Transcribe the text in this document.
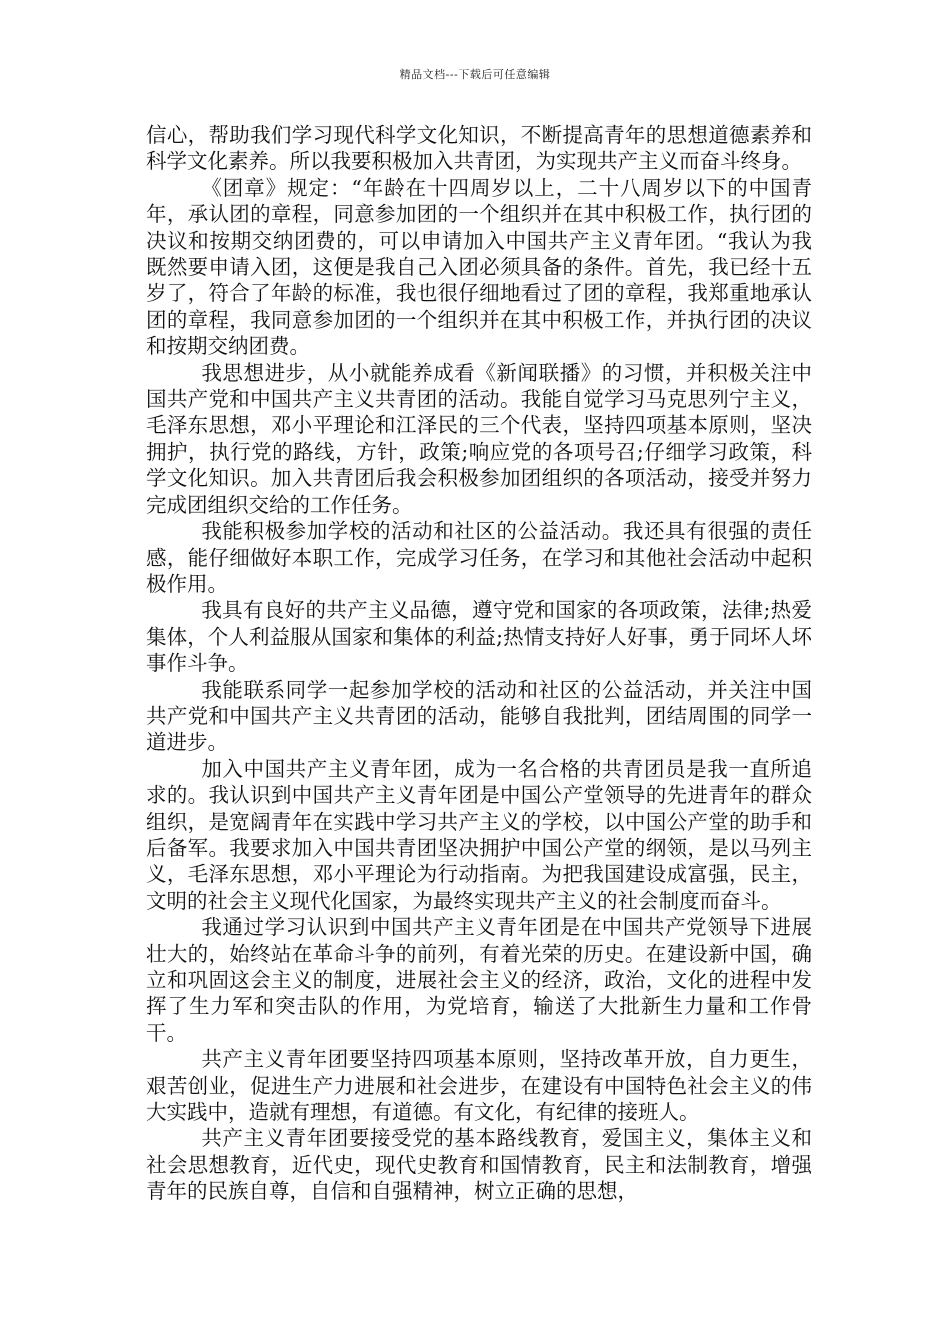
精品文档---下载后可任意编辑

信心，帮助我们学习现代科学文化知识，不断提高青年的思想道德素养和科学文化素养。所以我要积极加入共青团，为实现共产主义而奋斗终身。

《团章》规定：“年龄在十四周岁以上，二十八周岁以下的中国青年，承认团的章程，同意参加团的一个组织并在其中积极工作，执行团的决议和按期交纳团费的，可以申请加入中国共产主义青年团。“我认为我既然要申请入团，这便是我自己入团必须具备的条件。首先，我已经十五岁了，符合了年龄的标准，我也很仔细地看过了团的章程，我郑重地承认团的章程，我同意参加团的一个组织并在其中积极工作，并执行团的决议和按期交纳团费。

我思想进步，从小就能养成看《新闻联播》的习惯，并积极关注中国共产党和中国共产主义共青团的活动。我能自觉学习马克思列宁主义，毛泽东思想，邓小平理论和江泽民的三个代表，坚持四项基本原则，坚决拥护，执行党的路线，方针，政策;响应党的各项号召;仔细学习政策，科学文化知识。加入共青团后我会积极参加团组织的各项活动，接受并努力完成团组织交给的工作任务。

我能积极参加学校的活动和社区的公益活动。我还具有很强的责任感，能仔细做好本职工作，完成学习任务，在学习和其他社会活动中起积极作用。

我具有良好的共产主义品德，遵守党和国家的各项政策，法律;热爱集体，个人利益服从国家和集体的利益;热情支持好人好事，勇于同坏人坏事作斗争。

我能联系同学一起参加学校的活动和社区的公益活动，并关注中国共产党和中国共产主义共青团的活动，能够自我批判，团结周围的同学一道进步。

加入中国共产主义青年团，成为一名合格的共青团员是我一直所追求的。我认识到中国共产主义青年团是中国公产堂领导的先进青年的群众组织，是宽阔青年在实践中学习共产主义的学校，以中国公产堂的助手和后备军。我要求加入中国共青团坚决拥护中国公产堂的纲领，是以马列主义，毛泽东思想，邓小平理论为行动指南。为把我国建设成富强，民主，文明的社会主义现代化国家，为最终实现共产主义的社会制度而奋斗。

我通过学习认识到中国共产主义青年团是在中国共产党领导下进展壮大的，始终站在革命斗争的前列，有着光荣的历史。在建设新中国，确立和巩固这会主义的制度，进展社会主义的经济，政治，文化的进程中发挥了生力军和突击队的作用，为党培育，输送了大批新生力量和工作骨干。

共产主义青年团要坚持四项基本原则，坚持改革开放，自力更生，艰苦创业，促进生产力进展和社会进步，在建设有中国特色社会主义的伟大实践中，造就有理想，有道德。有文化，有纪律的接班人。

共产主义青年团要接受党的基本路线教育，爱国主义，集体主义和社会思想教育，近代史，现代史教育和国情教育，民主和法制教育，增强青年的民族自尊，自信和自强精神，树立正确的思想，
